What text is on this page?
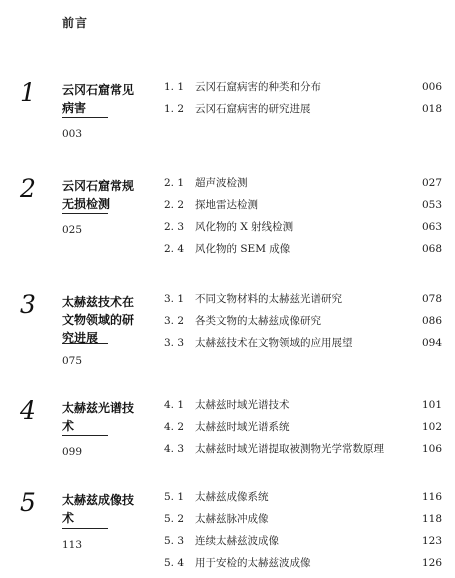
前言
1 云冈石窟常见病害
003
1. 1 云冈石窟病害的种类和分布	006
1. 2 云冈石窟病害的研究进展	018
2 云冈石窟常规无损检测
025
2. 1 超声波检测	027
2. 2 探地雷达检测	053
2. 3 风化物的 X 射线检测	063
2. 4 风化物的 SEM 成像	068
3 太赫兹技术在文物领域的研究进展
075
3. 1 不同文物材料的太赫兹光谱研究	078
3. 2 各类文物的太赫兹成像研究	086
3. 3 太赫兹技术在文物领域的应用展望	094
4 太赫兹光谱技术
099
4. 1 太赫兹时域光谱技术	101
4. 2 太赫兹时域光谱系统	102
4. 3 太赫兹时域光谱提取被测物光学常数原理	106
5 太赫兹成像技术
113
5. 1 太赫兹成像系统	116
5. 2 太赫兹脉冲成像	118
5. 3 连续太赫兹波成像	123
5. 4 用于安检的太赫兹波成像	126
